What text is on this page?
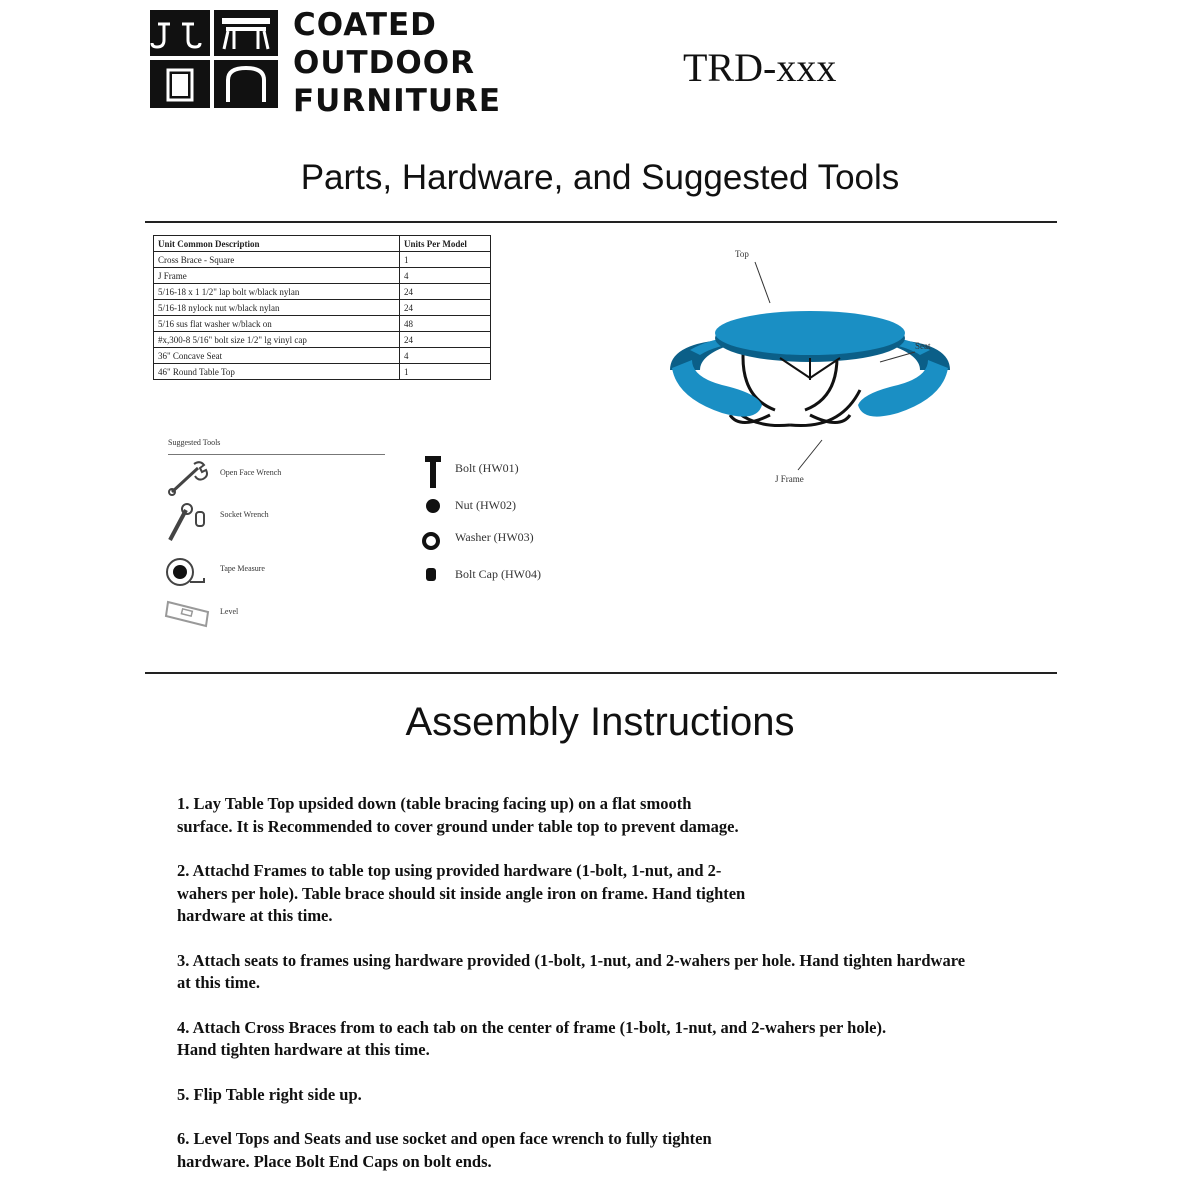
COATED
OUTDOOR
FURNITURE
TRD-xxx
Parts, Hardware, and Suggested Tools
Unit Common Description	Units Per Model
Cross Brace - Square	1
J Frame	4
5/16-18 x 1 1/2" lap bolt w/black nylan	24
5/16-18 nylock nut w/black nylan	24
5/16 sus flat washer w/black on	48
#x,300-8 5/16" bolt size 1/2" lg vinyl cap	24
36" Concave Seat	4
46" Round Table Top	1
Suggested Tools
Open Face Wrench
Socket Wrench
Tape Measure
Level
Bolt (HW01)
Nut (HW02)
Washer (HW03)
Bolt Cap (HW04)
Top
Seat
J Frame
Assembly Instructions

1. Lay Table Top upsided down (table bracing facing up) on a flat smooth surface. It is Recommended to cover ground under table top to prevent damage.

2. Attachd Frames to table top using provided hardware (1-bolt, 1-nut, and 2-wahers per hole). Table brace should sit inside angle iron on frame. Hand tighten hardware at this time.

3. Attach seats to frames using hardware provided (1-bolt, 1-nut, and 2-wahers per hole. Hand tighten hardware at this time.

4. Attach Cross Braces from to each tab on the center of frame (1-bolt, 1-nut, and 2-wahers per hole). Hand tighten hardware at this time.

5. Flip Table right side up.

6. Level Tops and Seats and use socket and open face wrench to fully tighten hardware. Place Bolt End Caps on bolt ends.
